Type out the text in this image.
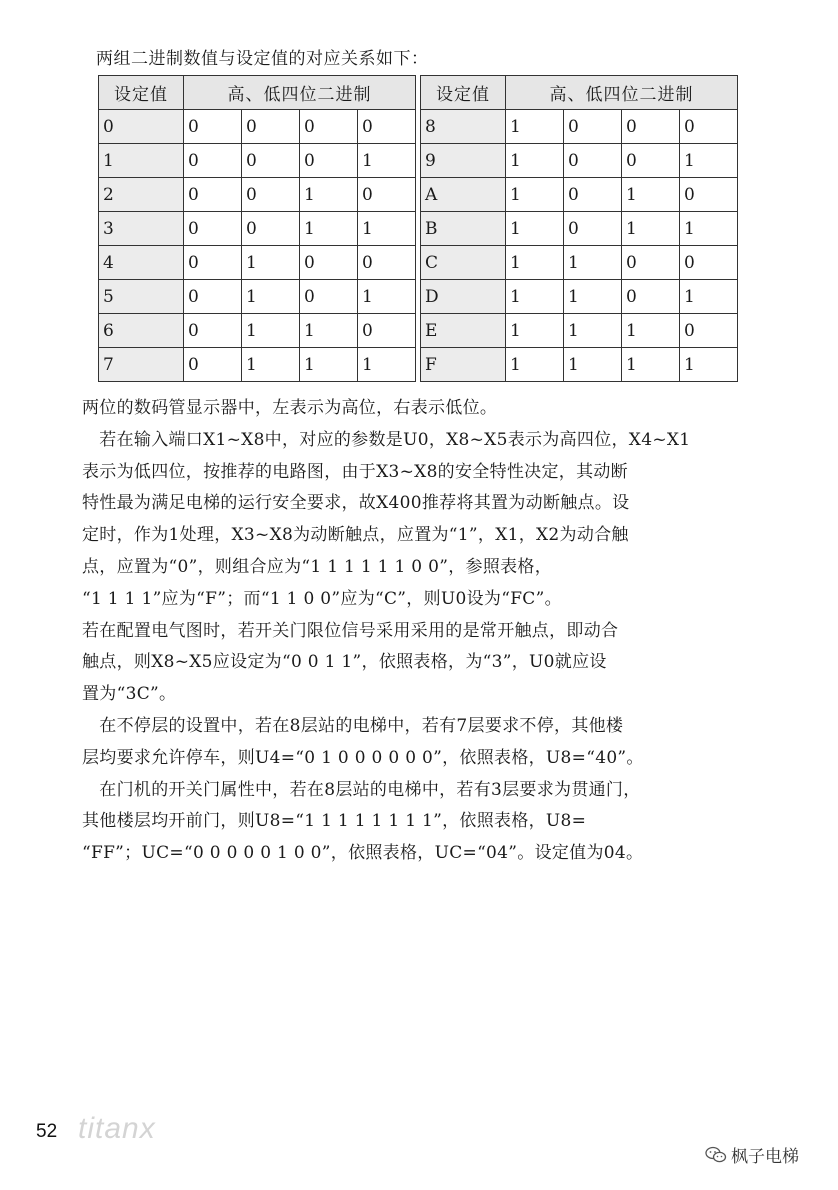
两组二进制数值与设定值的对应关系如下：
设定值	高、低四位二进制					设定值	高、低四位二进制			
0	0	0	0	0		8	1	0	0	0
1	0	0	0	1		9	1	0	0	1
2	0	0	1	0		A	1	0	1	0
3	0	0	1	1		B	1	0	1	1
4	0	1	0	0		C	1	1	0	0
5	0	1	0	1		D	1	1	0	1
6	0	1	1	0		E	1	1	1	0
7	0	1	1	1		F	1	1	1	1

两位的数码管显示器中，左表示为高位，右表示低位。

　若在输入端口X1~X8中，对应的参数是U0，X8~X5表示为高四位，X4~X1

表示为低四位，按推荐的电路图，由于X3~X8的安全特性决定，其动断

特性最为满足电梯的运行安全要求，故X400推荐将其置为动断触点。设

定时，作为1处理，X3~X8为动断触点，应置为“1”，X1，X2为动合触

点，应置为“0”，则组合应为“1 1 1 1 1 1 0 0”，参照表格，

“1 1 1 1”应为“F”；而“1 1 0 0”应为“C”，则U0设为“FC”。

若在配置电气图时，若开关门限位信号采用采用的是常开触点，即动合

触点，则X8~X5应设定为“0 0 1 1”，依照表格，为“3”，U0就应设

置为“3C”。

　在不停层的设置中，若在8层站的电梯中，若有7层要求不停，其他楼

层均要求允许停车，则U4=“0 1 0 0 0 0 0 0”，依照表格，U8=“40”。

　在门机的开关门属性中，若在8层站的电梯中，若有3层要求为贯通门，

其他楼层均开前门，则U8=“1 1 1 1 1 1 1 1”，依照表格，U8=

“FF”；UC=“0 0 0 0 0 1 0 0”，依照表格，UC=“04”。设定值为04。

52 titanx
枫子电梯
